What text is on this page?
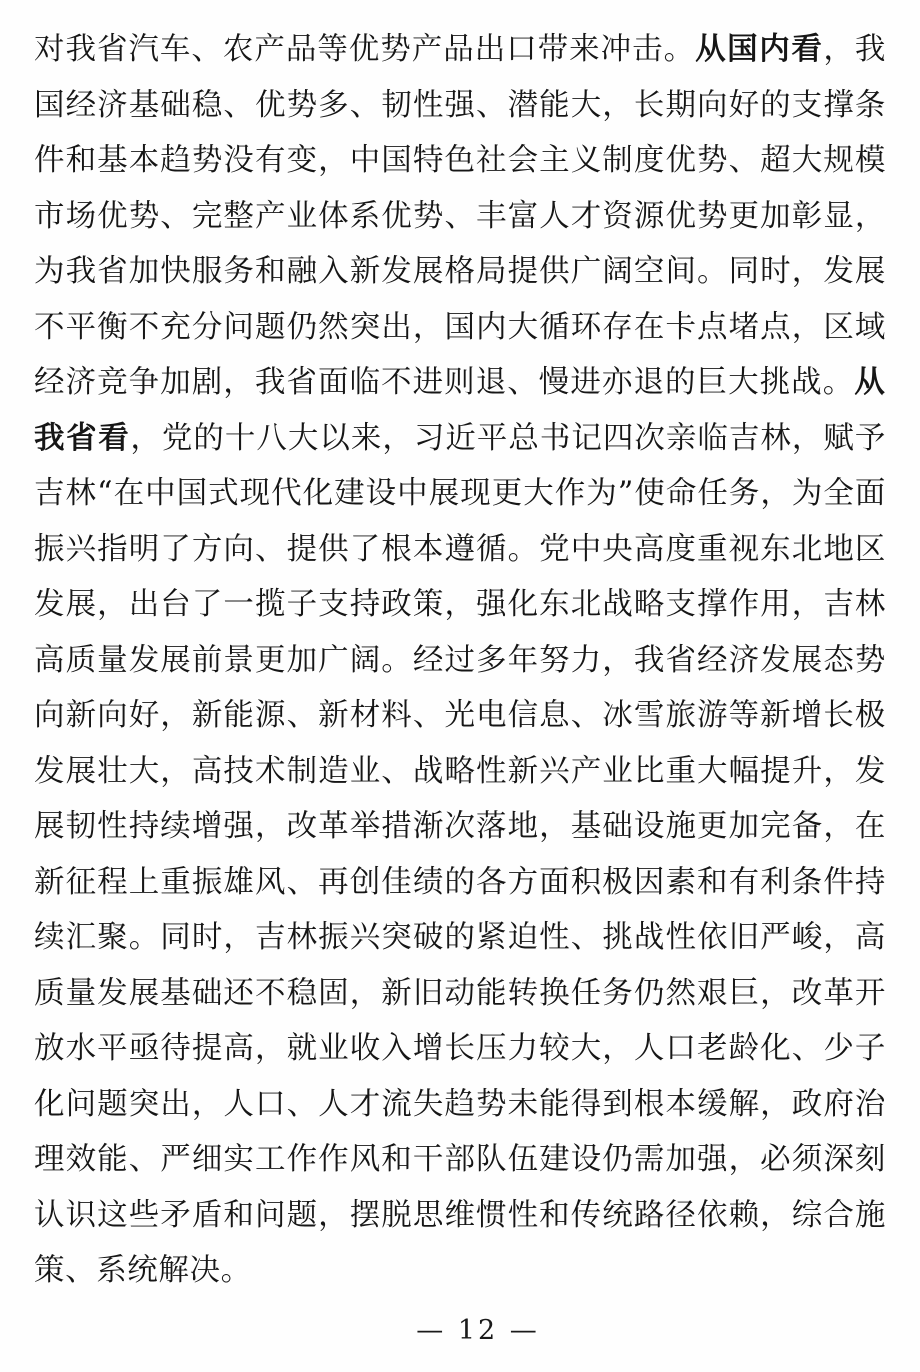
对我省汽车、农产品等优势产品出口带来冲击。从国内看，我国经济基础稳、优势多、韧性强、潜能大，长期向好的支撑条件和基本趋势没有变，中国特色社会主义制度优势、超大规模市场优势、完整产业体系优势、丰富人才资源优势更加彰显，为我省加快服务和融入新发展格局提供广阔空间。同时，发展不平衡不充分问题仍然突出，国内大循环存在卡点堵点，区域经济竞争加剧，我省面临不进则退、慢进亦退的巨大挑战。从我省看，党的十八大以来，习近平总书记四次亲临吉林，赋予吉林“在中国式现代化建设中展现更大作为”使命任务，为全面振兴指明了方向、提供了根本遵循。党中央高度重视东北地区发展，出台了一揽子支持政策，强化东北战略支撑作用，吉林高质量发展前景更加广阔。经过多年努力，我省经济发展态势向新向好，新能源、新材料、光电信息、冰雪旅游等新增长极发展壮大，高技术制造业、战略性新兴产业比重大幅提升，发展韧性持续增强，改革举措渐次落地，基础设施更加完备，在新征程上重振雄风、再创佳绩的各方面积极因素和有利条件持续汇聚。同时，吉林振兴突破的紧迫性、挑战性依旧严峻，高质量发展基础还不稳固，新旧动能转换任务仍然艰巨，改革开放水平亟待提高，就业收入增长压力较大，人口老龄化、少子化问题突出，人口、人才流失趋势未能得到根本缓解，政府治理效能、严细实工作作风和干部队伍建设仍需加强，必须深刻认识这些矛盾和问题，摆脱思维惯性和传统路径依赖，综合施策、系统解决。

— 12 —
